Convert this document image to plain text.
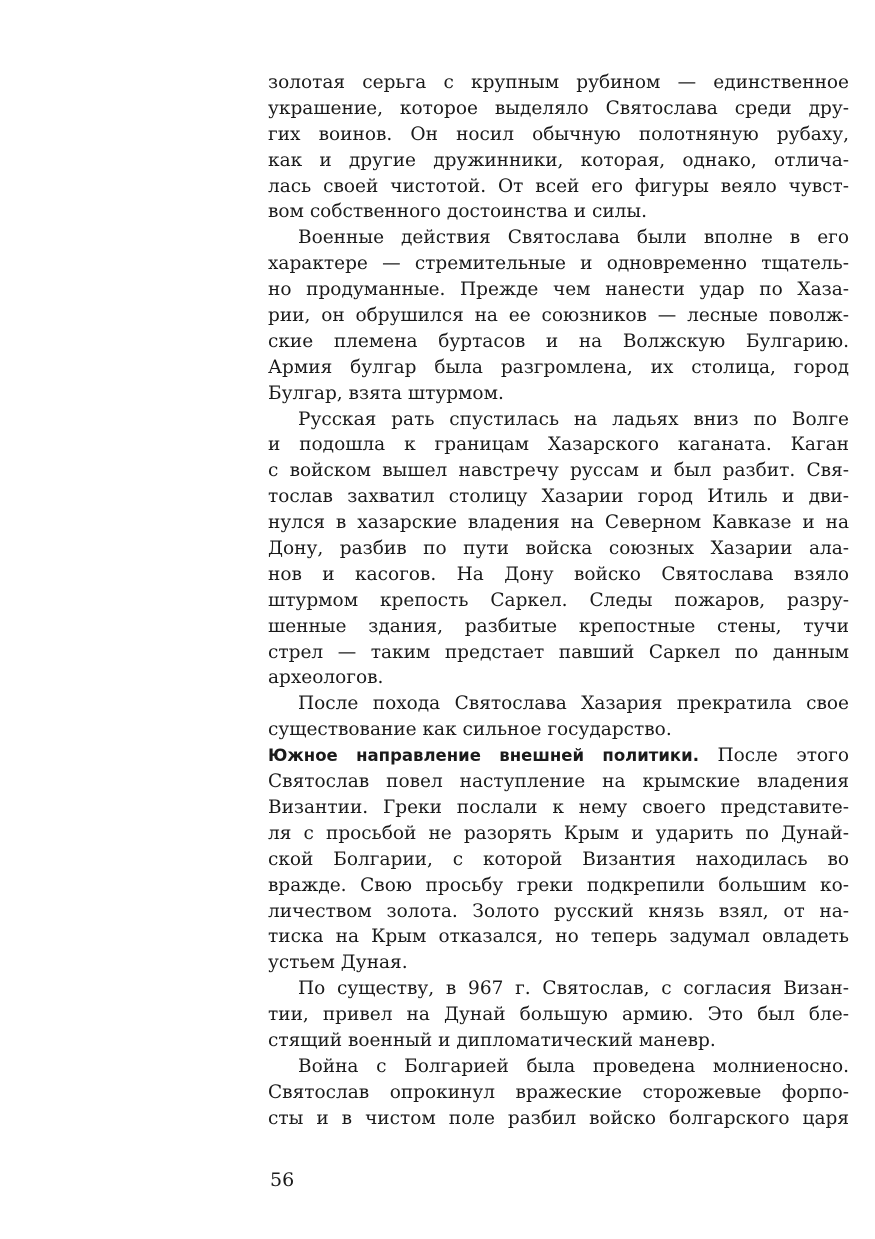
золотая серьга с крупным рубином — единственное
украшение, которое выделяло Святослава среди дру-
гих воинов. Он носил обычную полотняную рубаху,
как и другие дружинники, которая, однако, отлича-
лась своей чистотой. От всей его фигуры веяло чувст-
вом собственного достоинства и силы.
Военные действия Святослава были вполне в его
характере — стремительные и одновременно тщатель-
но продуманные. Прежде чем нанести удар по Хаза-
рии, он обрушился на ее союзников — лесные поволж-
ские племена буртасов и на Волжскую Булгарию.
Армия булгар была разгромлена, их столица, город
Булгар, взята штурмом.
Русская рать спустилась на ладьях вниз по Волге
и подошла к границам Хазарского каганата. Каган
с войском вышел навстречу руссам и был разбит. Свя-
тослав захватил столицу Хазарии город Итиль и дви-
нулся в хазарские владения на Северном Кавказе и на
Дону, разбив по пути войска союзных Хазарии ала-
нов и касогов. На Дону войско Святослава взяло
штурмом крепость Саркел. Следы пожаров, разру-
шенные здания, разбитые крепостные стены, тучи
стрел — таким предстает павший Саркел по данным
археологов.
После похода Святослава Хазария прекратила свое
существование как сильное государство.
Южное направление внешней политики. После этого
Святослав повел наступление на крымские владения
Византии. Греки послали к нему своего представите-
ля с просьбой не разорять Крым и ударить по Дунай-
ской Болгарии, с которой Византия находилась во
вражде. Свою просьбу греки подкрепили большим ко-
личеством золота. Золото русский князь взял, от на-
тиска на Крым отказался, но теперь задумал овладеть
устьем Дуная.
По существу, в 967 г. Святослав, с согласия Визан-
тии, привел на Дунай большую армию. Это был бле-
стящий военный и дипломатический маневр.
Война с Болгарией была проведена молниеносно.
Святослав опрокинул вражеские сторожевые форпо-
сты и в чистом поле разбил войско болгарского царя
56
